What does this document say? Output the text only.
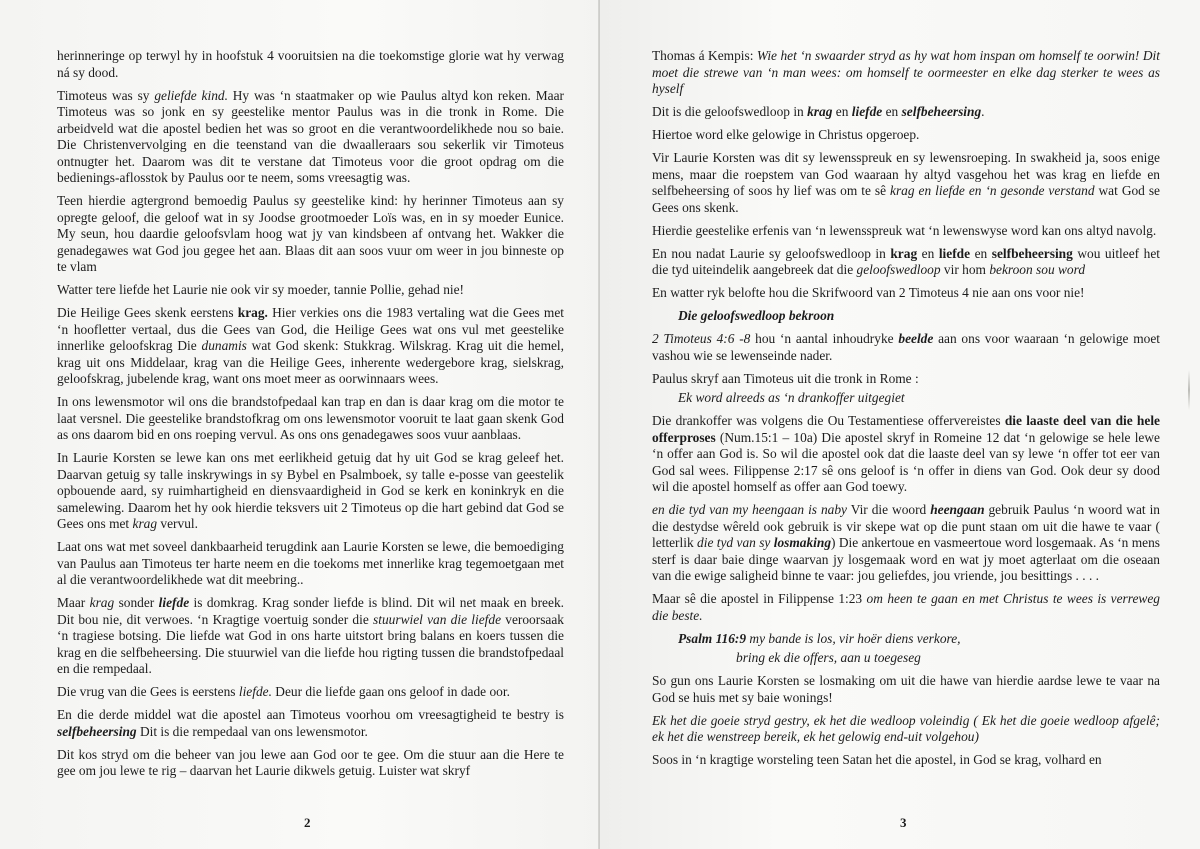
herinneringe op terwyl hy in hoofstuk 4 vooruitsien na die toekomstige glorie wat hy verwag ná sy dood.

Timoteus was sy geliefde kind. Hy was ‘n staatmaker op wie Paulus altyd kon reken. Maar Timoteus was so jonk en sy geestelike mentor Paulus was in die tronk in Rome. Die arbeidveld wat die apostel bedien het was so groot en die verantwoordelikhede nou so baie. Die Christenvervolging en die teenstand van die dwaalleraars sou sekerlik vir Timoteus ontnugter het. Daarom was dit te verstane dat Timoteus voor die groot opdrag om die bedienings-aflosstok by Paulus oor te neem, soms vreesagtig was.

Teen hierdie agtergrond bemoedig Paulus sy geestelike kind: hy herinner Timoteus aan sy opregte geloof, die geloof wat in sy Joodse grootmoeder Loïs was, en in sy moeder Eunice. My seun, hou daardie geloofsvlam hoog wat jy van kindsbeen af ontvang het. Wakker die genadegawes wat God jou gegee het aan. Blaas dit aan soos vuur om weer in jou binneste op te vlam

Watter tere liefde het Laurie nie ook vir sy moeder, tannie Pollie, gehad nie!

Die Heilige Gees skenk eerstens krag. Hier verkies ons die 1983 vertaling wat die Gees met ‘n hoofletter vertaal, dus die Gees van God, die Heilige Gees wat ons vul met geestelike innerlike geloofskrag Die dunamis wat God skenk: Stukkrag. Wilskrag. Krag uit die hemel, krag uit ons Middelaar, krag van die Heilige Gees, inherente wedergebore krag, sielskrag, geloofskrag, jubelende krag, want ons moet meer as oorwinnaars wees.

In ons lewensmotor wil ons die brandstofpedaal kan trap en dan is daar krag om die motor te laat versnel. Die geestelike brandstofkrag om ons lewensmotor vooruit te laat gaan skenk God as ons daarom bid en ons roeping vervul. As ons ons genadegawes soos vuur aanblaas.

In Laurie Korsten se lewe kan ons met eerlikheid getuig dat hy uit God se krag geleef het. Daarvan getuig sy talle inskrywings in sy Bybel en Psalmboek, sy talle e-posse van geestelik opbouende aard, sy ruimhartigheid en diensvaardigheid in God se kerk en koninkryk en die samelewing. Daarom het hy ook hierdie teksvers uit 2 Timoteus op die hart gebind dat God se Gees ons met krag vervul.

Laat ons wat met soveel dankbaarheid terugdink aan Laurie Korsten se lewe, die bemoediging van Paulus aan Timoteus ter harte neem en die toekoms met innerlike krag tegemoetgaan met al die verantwoordelikhede wat dit meebring..

Maar krag sonder liefde is domkrag. Krag sonder liefde is blind. Dit wil net maak en breek. Dit bou nie, dit verwoes. ‘n Kragtige voertuig sonder die stuurwiel van die liefde veroorsaak ‘n tragiese botsing. Die liefde wat God in ons harte uitstort bring balans en koers tussen die krag en die selfbeheersing. Die stuurwiel van die liefde hou rigting tussen die brandstofpedaal en die rempedaal.

Die vrug van die Gees is eerstens liefde. Deur die liefde gaan ons geloof in dade oor.

En die derde middel wat die apostel aan Timoteus voorhou om vreesagtigheid te bestry is selfbeheersing Dit is die rempedaal van ons lewensmotor.

Dit kos stryd om die beheer van jou lewe aan God oor te gee. Om die stuur aan die Here te gee om jou lewe te rig – daarvan het Laurie dikwels getuig. Luister wat skryf

2

Thomas á Kempis: Wie het ‘n swaarder stryd as hy wat hom inspan om homself te oorwin! Dit moet die strewe van ‘n man wees: om homself te oormeester en elke dag sterker te wees as hyself

Dit is die geloofswedloop in krag en liefde en selfbeheersing.

Hiertoe word elke gelowige in Christus opgeroep.

Vir Laurie Korsten was dit sy lewensspreuk en sy lewensroeping. In swakheid ja, soos enige mens, maar die roepstem van God waaraan hy altyd vasgehou het was krag en liefde en selfbeheersing of soos hy lief was om te sê krag en liefde en ‘n gesonde verstand wat God se Gees ons skenk.

Hierdie geestelike erfenis van ‘n lewensspreuk wat ‘n lewenswyse word kan ons altyd navolg.

En nou nadat Laurie sy geloofswedloop in krag en liefde en selfbeheersing wou uitleef het die tyd uiteindelik aangebreek dat die geloofswedloop vir hom bekroon sou word

En watter ryk belofte hou die Skrifwoord van 2 Timoteus 4 nie aan ons voor nie!

Die geloofswedloop bekroon

2 Timoteus 4:6 -8 hou ‘n aantal inhoudryke beelde aan ons voor waaraan ‘n gelowige moet vashou wie se lewenseinde nader.

Paulus skryf aan Timoteus uit die tronk in Rome :

Ek word alreeds as ‘n drankoffer uitgegiet

Die drankoffer was volgens die Ou Testamentiese offervereistes die laaste deel van die hele offerproses (Num.15:1 – 10a) Die apostel skryf in Romeine 12 dat ‘n gelowige se hele lewe ‘n offer aan God is. So wil die apostel ook dat die laaste deel van sy lewe ‘n offer tot eer van God sal wees. Filippense 2:17 sê ons geloof is ‘n offer in diens van God. Ook deur sy dood wil die apostel homself as offer aan God toewy.

en die tyd van my heengaan is naby Vir die woord heengaan gebruik Paulus ‘n woord wat in die destydse wêreld ook gebruik is vir skepe wat op die punt staan om uit die hawe te vaar ( letterlik die tyd van sy losmaking) Die ankertoue en vasmeertoue word losgemaak. As ‘n mens sterf is daar baie dinge waarvan jy losgemaak word en wat jy moet agterlaat om die oseaan van die ewige saligheid binne te vaar: jou geliefdes, jou vriende, jou besittings . . . .

Maar sê die apostel in Filippense 1:23 om heen te gaan en met Christus te wees is verreweg die beste.

Psalm 116:9 my bande is los, vir hoër diens verkore,

bring ek die offers, aan u toegeseg

So gun ons Laurie Korsten se losmaking om uit die hawe van hierdie aardse lewe te vaar na God se huis met sy baie wonings!

Ek het die goeie stryd gestry, ek het die wedloop voleindig ( Ek het die goeie wedloop afgelê; ek het die wenstreep bereik, ek het gelowig end-uit volgehou)

Soos in ‘n kragtige worsteling teen Satan het die apostel, in God se krag, volhard en

3
